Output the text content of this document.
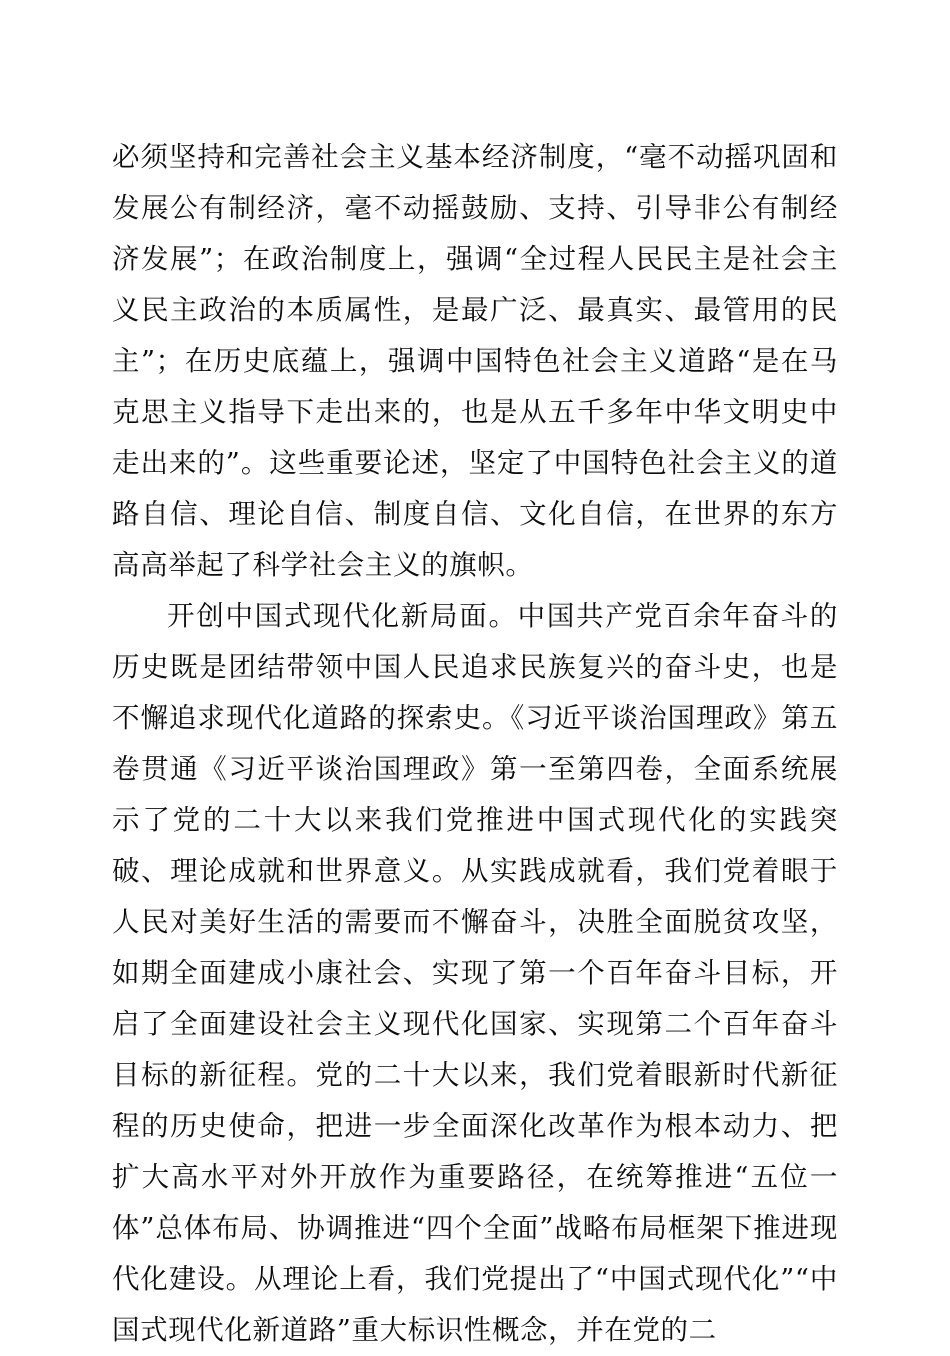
必须坚持和完善社会主义基本经济制度，“毫不动摇巩固和发展公有制经济，毫不动摇鼓励、支持、引导非公有制经济发展”；在政治制度上，强调“全过程人民民主是社会主义民主政治的本质属性，是最广泛、最真实、最管用的民主”；在历史底蕴上，强调中国特色社会主义道路“是在马克思主义指导下走出来的，也是从五千多年中华文明史中走出来的”。这些重要论述，坚定了中国特色社会主义的道路自信、理论自信、制度自信、文化自信，在世界的东方高高举起了科学社会主义的旗帜。

开创中国式现代化新局面。中国共产党百余年奋斗的历史既是团结带领中国人民追求民族复兴的奋斗史，也是不懈追求现代化道路的探索史。《习近平谈治国理政》第五卷贯通《习近平谈治国理政》第一至第四卷，全面系统展示了党的二十大以来我们党推进中国式现代化的实践突破、理论成就和世界意义。从实践成就看，我们党着眼于人民对美好生活的需要而不懈奋斗，决胜全面脱贫攻坚，如期全面建成小康社会、实现了第一个百年奋斗目标，开启了全面建设社会主义现代化国家、实现第二个百年奋斗目标的新征程。党的二十大以来，我们党着眼新时代新征程的历史使命，把进一步全面深化改革作为根本动力、把扩大高水平对外开放作为重要路径，在统筹推进“五位一体”总体布局、协调推进“四个全面”战略布局框架下推进现代化建设。从理论上看，我们党提出了“中国式现代化”“中国式现代化新道路”重大标识性概念，并在党的二
